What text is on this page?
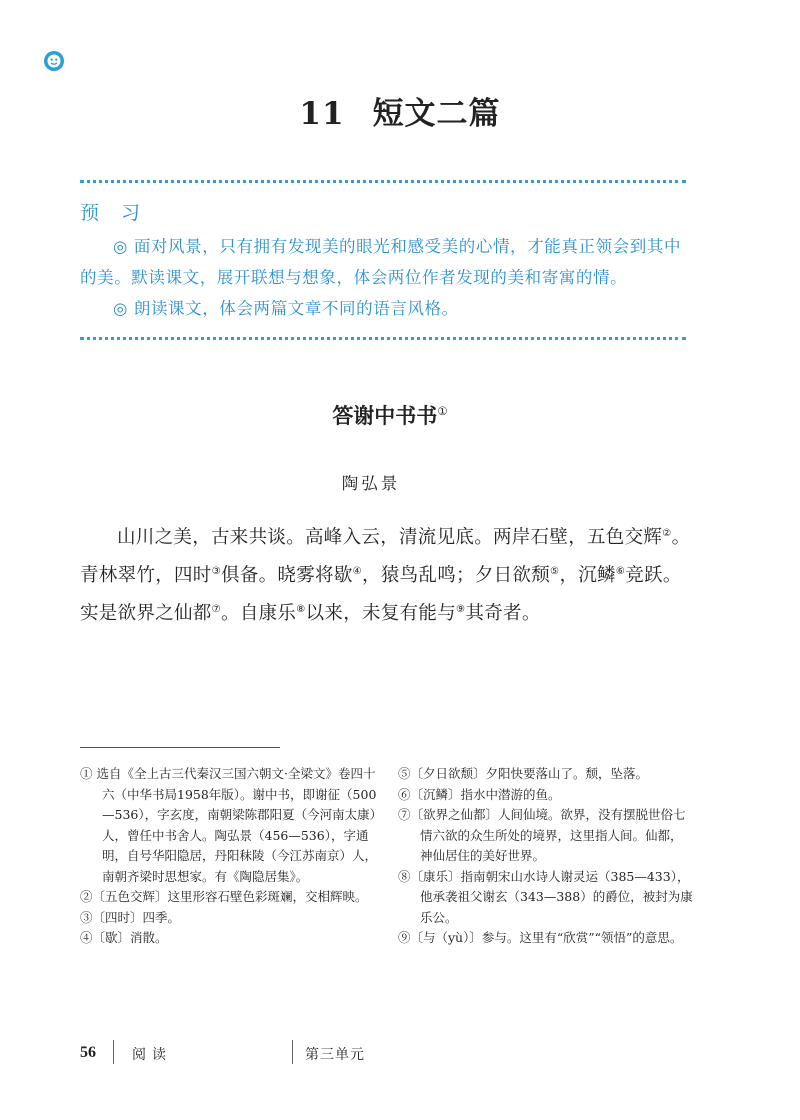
11 短文二篇
预 习
◎ 面对风景，只有拥有发现美的眼光和感受美的心情，才能真正领会到其中的美。默读课文，展开联想与想象，体会两位作者发现的美和寄寓的情。
◎ 朗读课文，体会两篇文章不同的语言风格。
答谢中书书①
陶弘景
山川之美，古来共谈。高峰入云，清流见底。两岸石壁，五色交辉②。青林翠竹，四时③俱备。晓雾将歇④，猿鸟乱鸣；夕日欲颓⑤，沉鳞⑥竞跃。实是欲界之仙都⑦。自康乐⑧以来，未复有能与⑨其奇者。

① 选自《全上古三代秦汉三国六朝文·全梁文》卷四十六（中华书局1958年版）。谢中书，即谢征（500—536），字玄度，南朝梁陈郡阳夏（今河南太康）人，曾任中书舍人。陶弘景（456—536），字通明，自号华阳隐居，丹阳秣陵（今江苏南京）人，南朝齐梁时思想家。有《陶隐居集》。

②〔五色交辉〕这里形容石壁色彩斑斓，交相辉映。

③〔四时〕四季。

④〔歇〕消散。

⑤〔夕日欲颓〕夕阳快要落山了。颓，坠落。

⑥〔沉鳞〕指水中潜游的鱼。

⑦〔欲界之仙都〕人间仙境。欲界，没有摆脱世俗七情六欲的众生所处的境界，这里指人间。仙都，神仙居住的美好世界。

⑧〔康乐〕指南朝宋山水诗人谢灵运（385—433），他承袭祖父谢玄（343—388）的爵位，被封为康乐公。

⑨〔与（yù）〕参与。这里有“欣赏”“领悟”的意思。

56	阅读	第三单元
